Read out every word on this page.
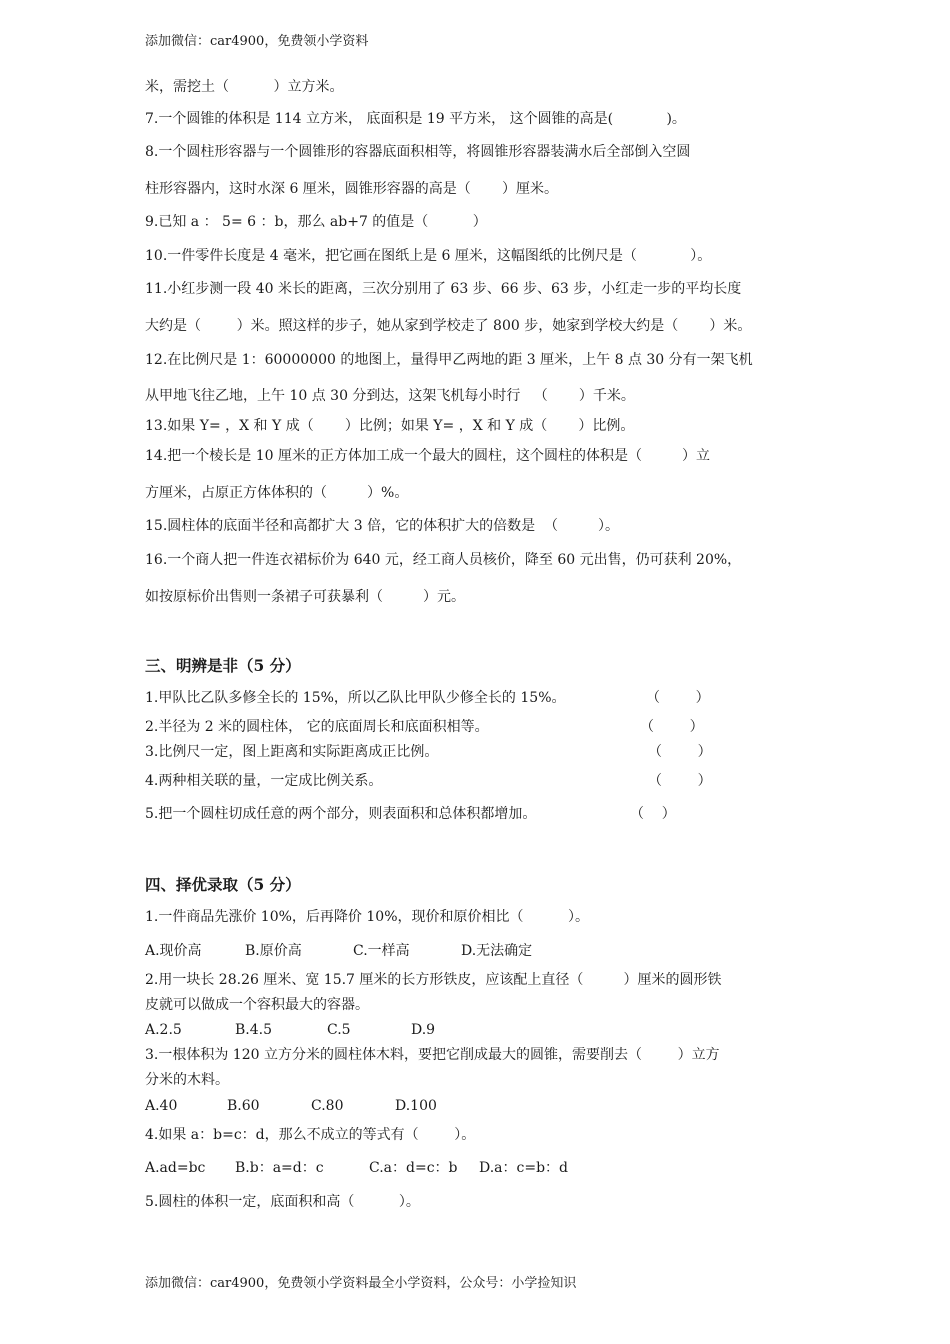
添加微信：car4900，免费领小学资料
米，需挖土（          ）立方米。
7.一个圆锥的体积是 114 立方米， 底面积是 19 平方米， 这个圆锥的高是(            )。
8.一个圆柱形容器与一个圆锥形的容器底面积相等，将圆锥形容器装满水后全部倒入空圆
柱形容器内，这时水深 6 厘米，圆锥形容器的高是（       ）厘米。
9.已知 a ： 5= 6 ：b，那么 ab+7 的值是（          ）
10.一件零件长度是 4 毫米，把它画在图纸上是 6 厘米，这幅图纸的比例尺是（            ）。
11.小红步测一段 40 米长的距离，三次分别用了 63 步、66 步、63 步，小红走一步的平均长度
大约是（        ）米。照这样的步子，她从家到学校走了 800 步，她家到学校大约是（       ）米。
12.在比例尺是 1：60000000 的地图上，量得甲乙两地的距 3 厘米，上午 8 点 30 分有一架飞机
从甲地飞往乙地，上午 10 点 30 分到达，这架飞机每小时行   （       ）千米。
13.如果 Y= ，X 和 Y 成（       ）比例；如果 Y= ，X 和 Y 成（       ）比例。
14.把一个棱长是 10 厘米的正方体加工成一个最大的圆柱，这个圆柱的体积是（         ）立
方厘米，占原正方体体积的（         ）%。
15.圆柱体的底面半径和高都扩大 3 倍，它的体积扩大的倍数是  （         ）。
16.一个商人把一件连衣裙标价为 640 元，经工商人员核价，降至 60 元出售，仍可获利 20%，
如按原标价出售则一条裙子可获暴利（         ）元。
三、明辨是非（5 分）
1.甲队比乙队多修全长的 15%，所以乙队比甲队少修全长的 15%。	（        ）
2.半径为 2 米的圆柱体， 它的底面周长和底面积相等。	（        ）
3.比例尺一定，图上距离和实际距离成正比例。	（        ）
4.两种相关联的量，一定成比例关系。	（        ）
5.把一个圆柱切成任意的两个部分，则表面积和总体积都增加。	（    ）
四、择优录取（5 分）
1.一件商品先涨价 10%，后再降价 10%，现价和原价相比（          ）。
A.现价高	B.原价高	C.一样高	D.无法确定
2.用一块长 28.26 厘米、宽 15.7 厘米的长方形铁皮，应该配上直径（         ）厘米的圆形铁
皮就可以做成一个容积最大的容器。
A.2.5	B.4.5	C.5	D.9
3.一根体积为 120 立方分米的圆柱体木料，要把它削成最大的圆锥，需要削去（        ）立方
分米的木料。
A.40	B.60	C.80	D.100
4.如果 a：b=c：d，那么不成立的等式有（        ）。
A.ad=bc B.b：a=d：c	C.a：d=c：b D.a：c=b：d
5.圆柱的体积一定，底面积和高（          ）。
添加微信：car4900，免费领小学资料最全小学资料，公众号：小学捡知识
